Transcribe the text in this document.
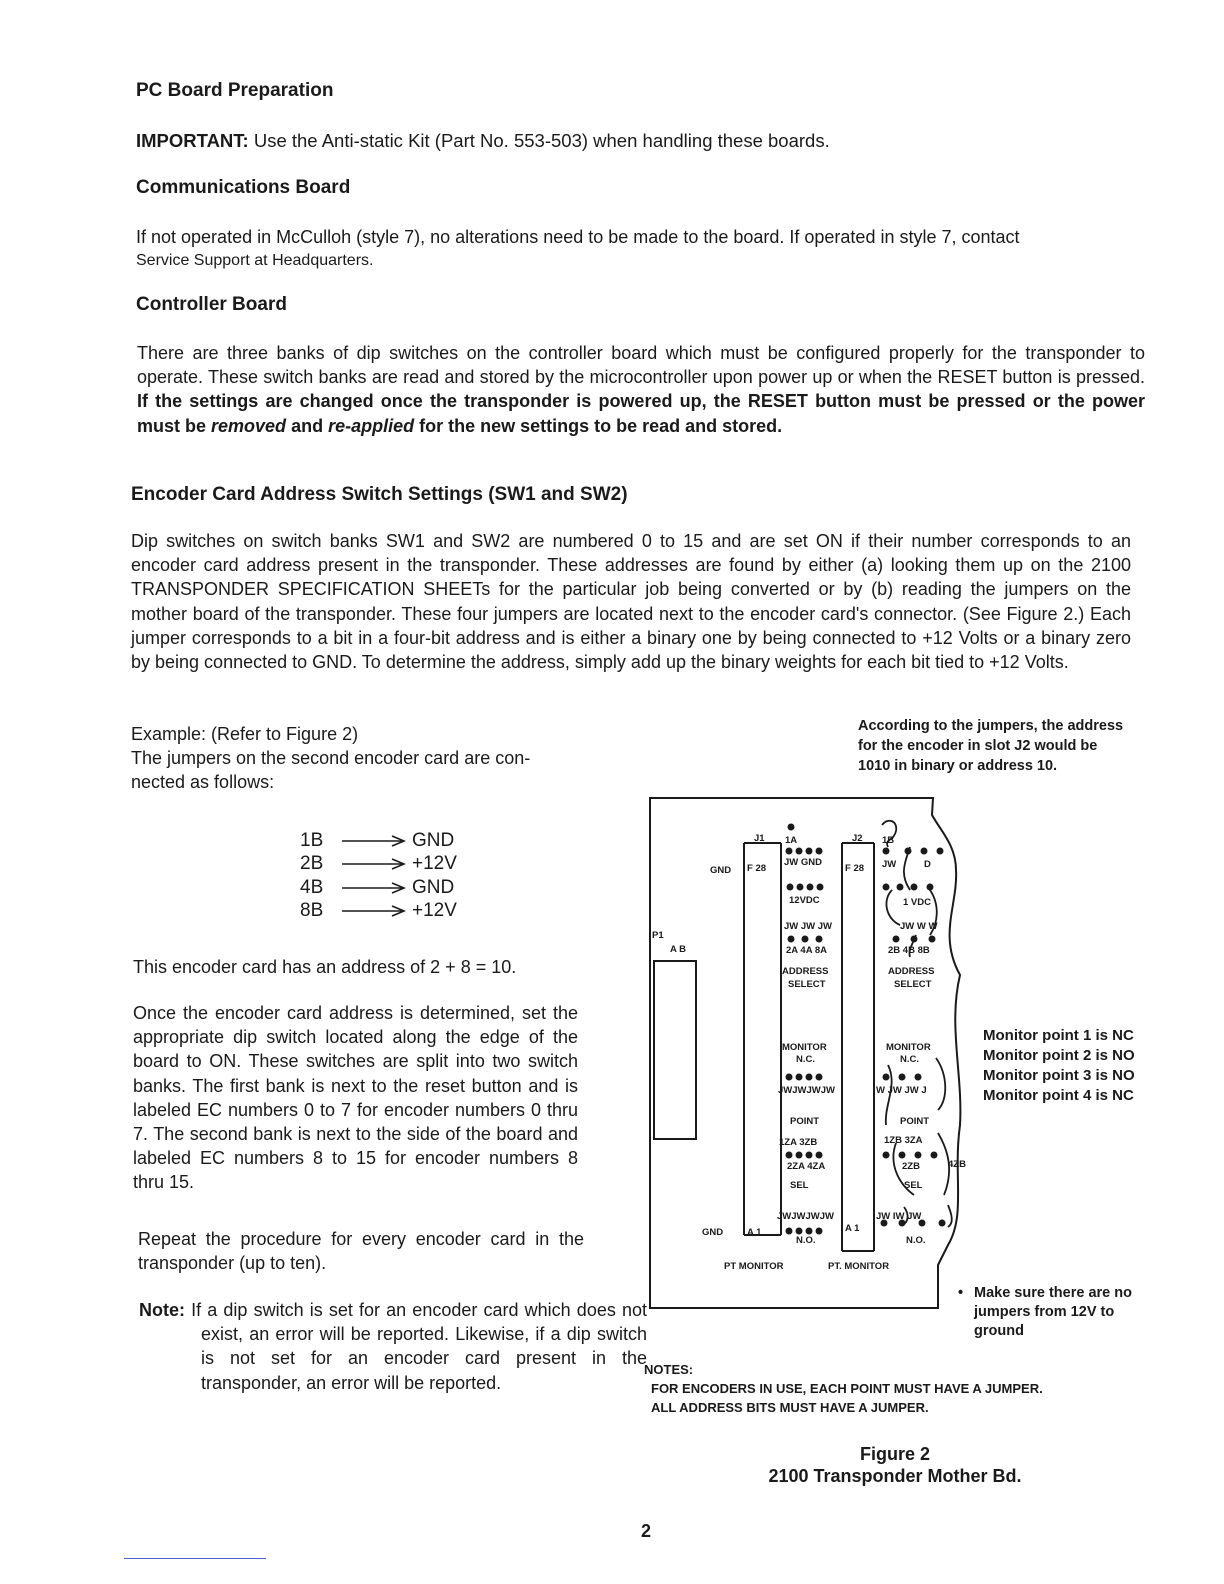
PC Board Preparation
IMPORTANT: Use the Anti-static Kit (Part No. 553-503) when handling these boards.
Communications Board
If not operated in McCulloh (style 7), no alterations need to be made to the board. If operated in style 7, contact
Service Support at Headquarters.
Controller Board
There are three banks of dip switches on the controller board which must be configured properly for the transponder to operate. These switch banks are read and stored by the microcontroller upon power up or when the RESET button is pressed. If the settings are changed once the transponder is powered up, the RESET button must be pressed or the power must be removed and re-applied for the new settings to be read and stored.
Encoder Card Address Switch Settings (SW1 and SW2)
Dip switches on switch banks SW1 and SW2 are numbered 0 to 15 and are set ON if their number corresponds to an encoder card address present in the transponder. These addresses are found by either (a) looking them up on the 2100 TRANSPONDER SPECIFICATION SHEETs for the particular job being converted or by (b) reading the jumpers on the mother board of the transponder. These four jumpers are located next to the encoder card's connector. (See Figure 2.) Each jumper corresponds to a bit in a four-bit address and is either a binary one by being connected to +12 Volts or a binary zero by being connected to GND. To determine the address, simply add up the binary weights for each bit tied to +12 Volts.
Example: (Refer to Figure 2)
The jumpers on the second encoder card are con-
nected as follows:
1B	GND
2B	+12V
4B	GND
8B	+12V
This encoder card has an address of 2 + 8 = 10.
Once the encoder card address is determined, set the appropriate dip switch located along the edge of the board to ON. These switches are split into two switch banks. The first bank is next to the reset button and is labeled EC numbers 0 to 7 for encoder numbers 0 thru 7. The second bank is next to the side of the board and labeled EC numbers 8 to 15 for encoder numbers 8 thru 15.
Repeat the procedure for every encoder card in the transponder (up to ten).
Note: If a dip switch is set for an encoder card which does not exist, an error will be reported. Likewise, if a dip switch is not set for an encoder card present in the transponder, an error will be reported.
According to the jumpers, the address
for the encoder in slot J2 would be
1010 in binary or address 10.
Monitor point 1 is NC
Monitor point 2 is NO
Monitor point 3 is NO
Monitor point 4 is NC
• Make sure there are no
jumpers from 12V to
ground
NOTES:
FOR ENCODERS IN USE, EACH POINT MUST HAVE A JUMPER.
ALL ADDRESS BITS MUST HAVE A JUMPER.
Figure 2
2100 Transponder Mother Bd.
2
P1
A B
GND
GND
J1	J2
F 28	F 28
A 1	A 1
1A	1B
JW GND	JW	D
12VDC	1 VDC
JW JW JW	JW W W
2A 4A 8A	2B 4B 8B
ADDRESS
SELECT
ADDRESS
SELECT
MONITOR
N.C.
MONITOR
N.C.
JWJWJWJW	W JW JW J
POINT	POINT
1ZA 3ZB
2ZA 4ZA
1ZB 3ZA
2ZB	4ZB
SEL	SEL
JWJWJWJW	JW IW JW
N.O.	N.O.
PT MONITOR	PT. MONITOR
